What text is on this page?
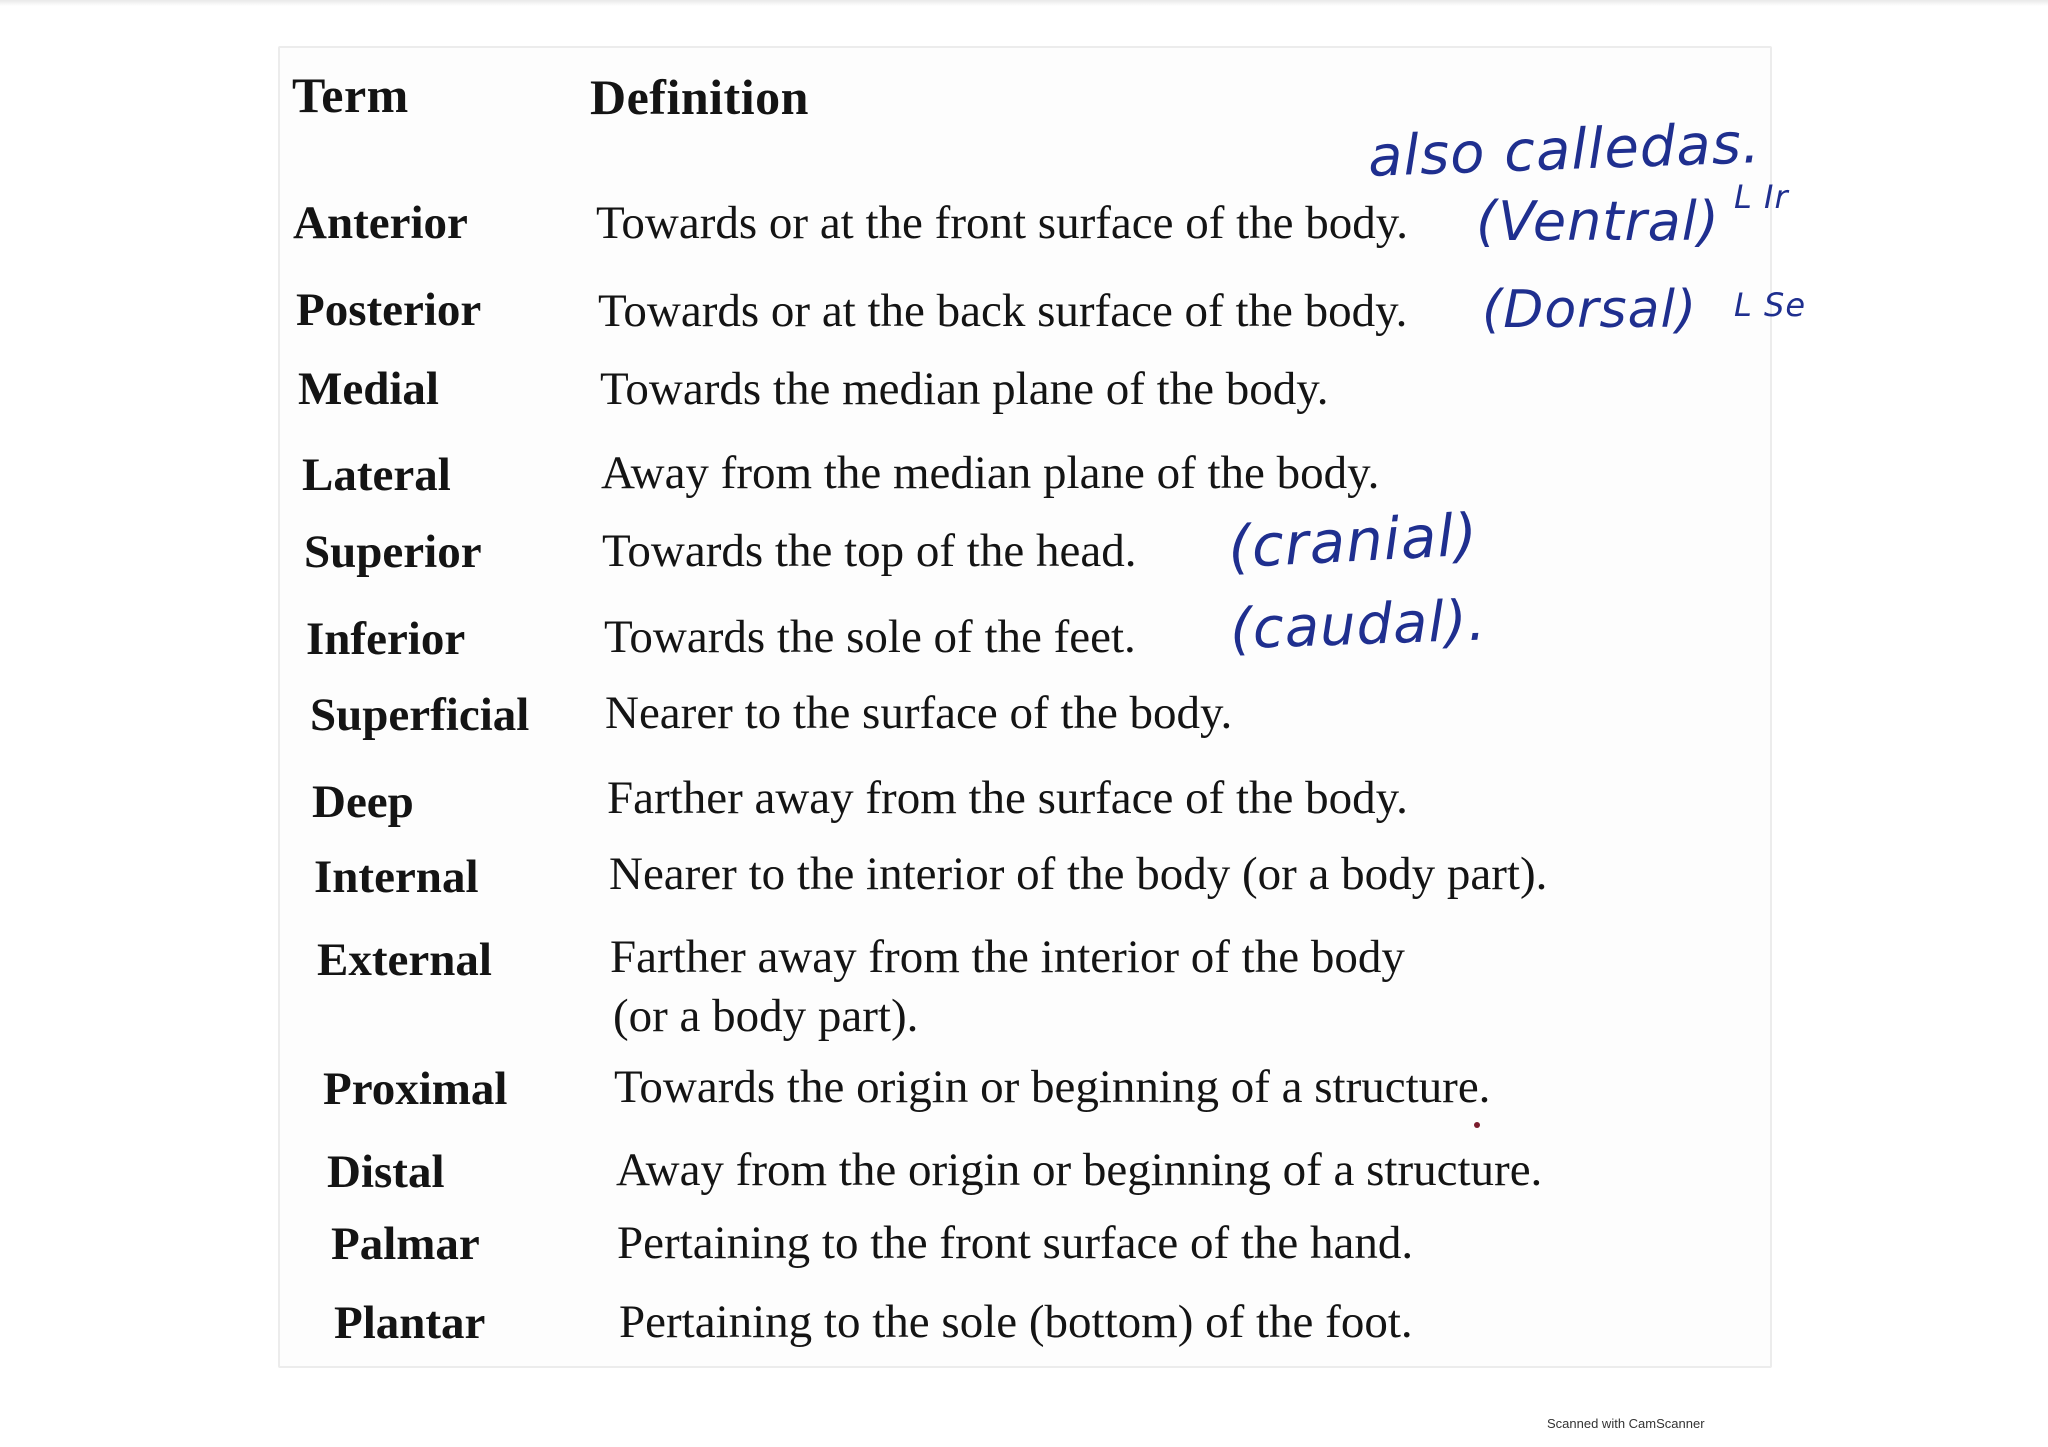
Term	Definition
Anterior
Posterior
Medial
Lateral
Superior
Inferior
Superficial
Deep
Internal
External
Proximal
Distal
Palmar
Plantar
Towards or at the front surface of the body.
Towards or at the back surface of the body.
Towards the median plane of the body.
Away from the median plane of the body.
Towards the top of the head.
Towards the sole of the feet.
Nearer to the surface of the body.
Farther away from the surface of the body.
Nearer to the interior of the body (or a body part).
Farther away from the interior of the body
(or a body part).
Towards the origin or beginning of a structure.
Away from the origin or beginning of a structure.
Pertaining to the front surface of the hand.
Pertaining to the sole (bottom) of the foot.
also calledas.
(Ventral) L Ir
(Dorsal) L Se
(cranial)
(caudal).
Scanned with CamScanner
